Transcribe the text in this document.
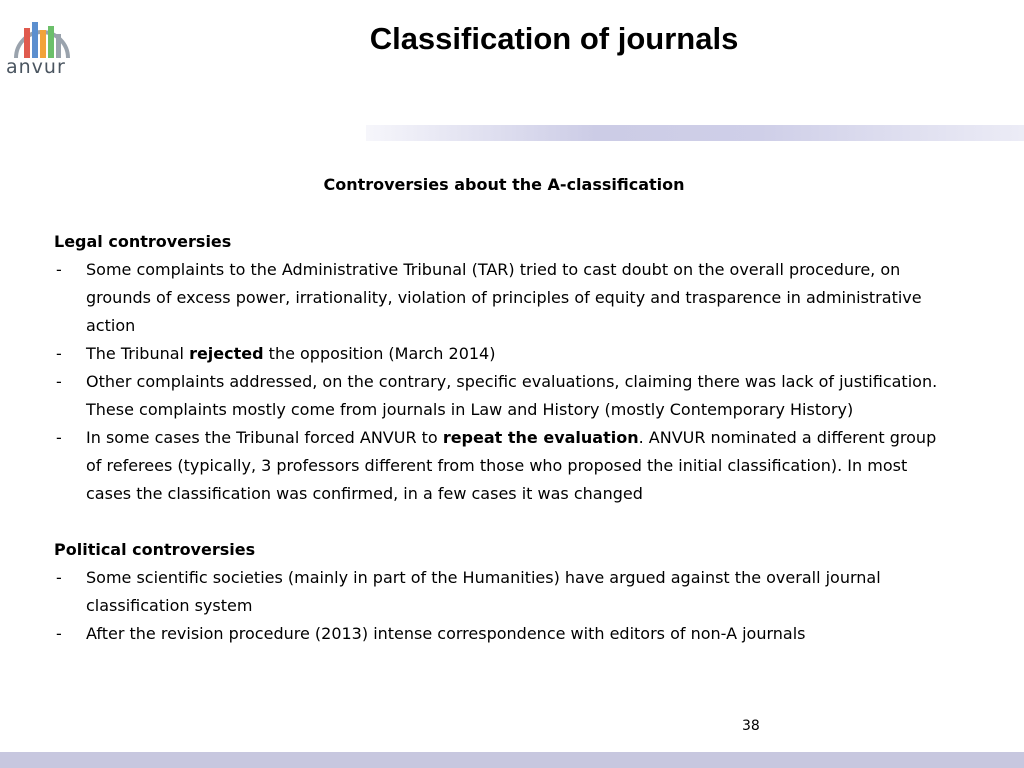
anvur
Classification of journals
Controversies about the A-classification

Legal controversies

- Some complaints to the Administrative Tribunal (TAR) tried to cast doubt on the overall procedure, on grounds of excess power, irrationality, violation of principles of equity and trasparence in administrative action

- The Tribunal rejected the opposition (March 2014)

- Other complaints addressed, on the contrary, specific evaluations, claiming there was lack of justification. These complaints mostly come from journals in Law and History (mostly Contemporary History)

- In some cases the Tribunal forced ANVUR to repeat the evaluation. ANVUR nominated a different group of referees (typically, 3 professors different from those who proposed the initial classification). In most cases the classification was confirmed, in a few cases it was changed

Political controversies

- Some scientific societies (mainly in part of the Humanities) have argued against the overall journal classification system

- After the revision procedure (2013) intense correspondence with editors of non-A journals

38
